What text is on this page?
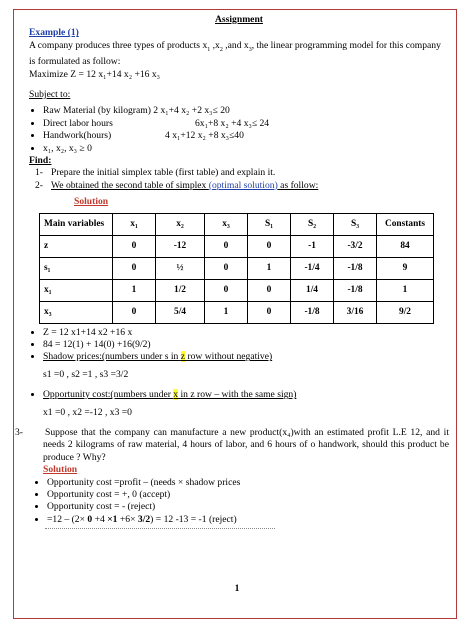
Assignment
Example (1)
A company produces three types of products $x_1$ $,x_2$ ,and $x_3$, the linear programming model for this company
is formulated as follow:
Maximize Z = 12 x₁+14 x₂ +16 x₃
Subject to:
• Raw Material (by kilogram) 2 x₁+4 x₂ +2 x₃≤ 20
• Direct labor hours	6x₁+8 x₂ +4 x₃≤ 24
• Handwork(hours)	4 x₁+12 x₂ +8 x₃≤40
• x₁, x₂, x₃ ≥ 0
Find:
1- Prepare the initial simplex table (first table) and explain it.
2- We obtained the second table of simplex (optimal solution) as follow:
Solution
Main variables	x₁	x₂	x₃	S₁	S₂	S₃	Constants
z	0	-12	0	0	-1	-3/2	84
s₁	0	½	0	1	-1/4	-1/8	9
x₁	1	1/2	0	0	1/4	-1/8	1
x₃	0	5/4	1	0	-1/8	3/16	9/2
• Z = 12 x1+14 x2 +16 x
• 84 = 12(1) + 14(0) +16(9/2)
• Shadow prices:(numbers under s in z row without negative)
s1 =0 , s2 =1 , s3 =3/2
• Opportunity cost:(numbers under x in z row – with the same sign)
x1 =0 , x2 =-12 , x3 =0
3- Suppose that the company can manufacture a new product(x₄)with an estimated profit L.E 12, and it needs 2 kilograms of raw material, 4 hours of labor, and 6 hours of o handwork, should this product be produce ? Why?
Solution
• Opportunity cost =profit – (needs × shadow prices
• Opportunity cost = +, 0 (accept)
• Opportunity cost = - (reject)
• =12 – (2× 0 +4 ×1 +6× 3/2) = 12 -13 = -1 (reject)
1
